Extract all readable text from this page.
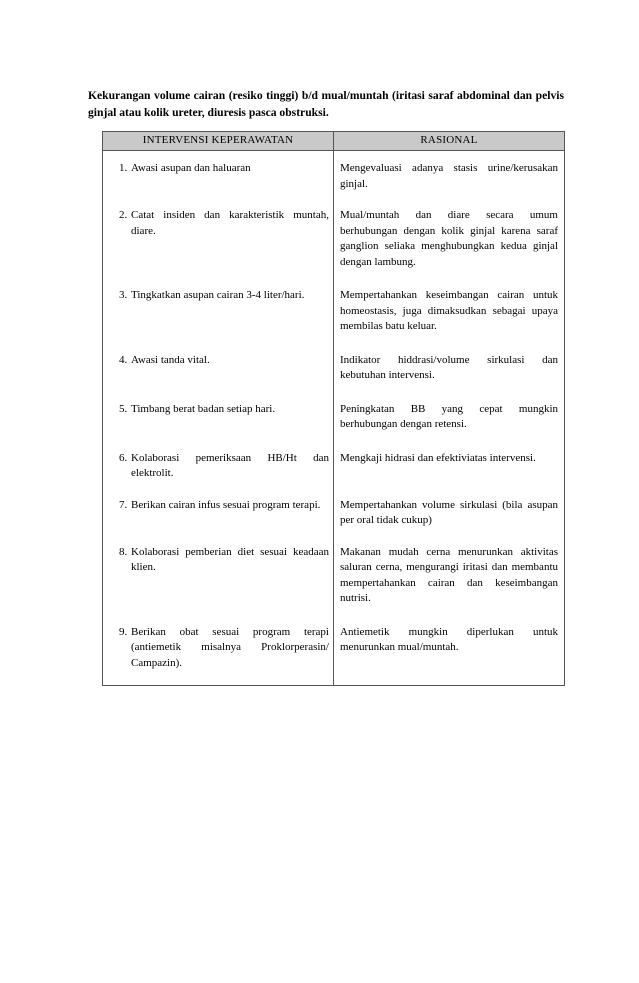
Kekurangan volume cairan (resiko tinggi) b/d mual/muntah (iritasi saraf abdominal dan pelvis ginjal atau kolik ureter, diuresis pasca obstruksi.
INTERVENSI KEPERAWATAN	RASIONAL

1. Awasi asupan dan haluaran	Mengevaluasi adanya stasis urine/kerusakan ginjal.

2. Catat insiden dan karakteristik muntah, diare.	Mual/muntah dan diare secara umum berhubungan dengan kolik ginjal karena saraf ganglion seliaka menghubungkan kedua ginjal dengan lambung.

3. Tingkatkan asupan cairan 3-4 liter/hari.	Mempertahankan keseimbangan cairan untuk homeostasis, juga dimaksudkan sebagai upaya membilas batu keluar.

4. Awasi tanda vital.	Indikator hiddrasi/volume sirkulasi dan kebutuhan intervensi.

5. Timbang berat badan setiap hari.	Peningkatan BB yang cepat mungkin berhubungan dengan retensi.

6. Kolaborasi pemeriksaan HB/Ht dan elektrolit.	Mengkaji hidrasi dan efektiviatas intervensi.

7. Berikan cairan infus sesuai program terapi.	Mempertahankan volume sirkulasi (bila asupan per oral tidak cukup)

8. Kolaborasi pemberian diet sesuai keadaan klien.	Makanan mudah cerna menurunkan aktivitas saluran cerna, mengurangi iritasi dan membantu mempertahankan cairan dan keseimbangan nutrisi.

9. Berikan obat sesuai program terapi (antiemetik misalnya Proklorperasin/ Campazin).	Antiemetik mungkin diperlukan untuk menurunkan mual/muntah.
